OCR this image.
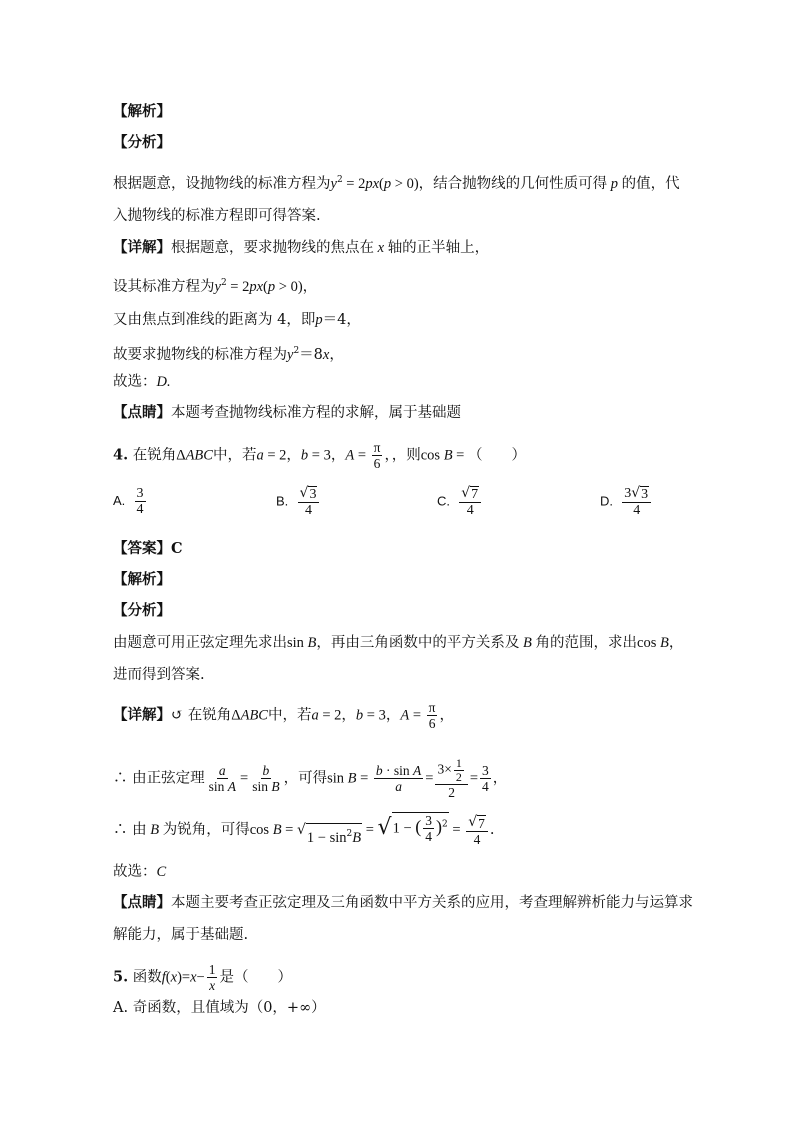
【解析】
【分析】
根据题意，设抛物线的标准方程为$y^2 = 2px(p > 0)$，结合抛物线的几何性质可得 p 的值，代
入抛物线的标准方程即可得答案.
【详解】根据题意，要求抛物线的焦点在 x 轴的正半轴上，
设其标准方程为$y^2 = 2px(p > 0)$，
又由焦点到准线的距离为 4，即p＝4，
故要求抛物线的标准方程为$y^2=8x$，
故选：D.
【点睛】本题考查抛物线标准方程的求解，属于基础题
4. 在锐角ΔABC中，若a = 2，b = 3，$A = \frac{\pi}{6}$ ，，则cos B = （　　）
A. $\frac{3}{4}$	B. $\frac{√ 3}{4}$	C. $\frac{√ 7}{4}$	D. $\frac{3 √ 3}{4}$
【答案】C
【解析】
【分析】
由题意可用正弦定理先求出sin B，再由三角函数中的平方关系及 B 角的范围，求出cos B，
进而得到答案.
【详解】↺ 在锐角ΔABC中，若a = 2，b = 3，$A = \frac{\pi}{6}$ ，
∴ 由正弦定理 $\frac{a}{\text{sin A}} = \frac{b}{\text{sin B}}$ ，可得$\sin B = \frac{\text{b · sin A}}{a} = \frac{3\times \frac{1}{2}}{2} = \frac{3}{4}$ ，
∴ 由 B 为锐角，可得cos B = √ $1 - \sin^2B$ = √ 1 − ( $\frac{3}{4} )^2 = \frac{√ 7}{4}$ .
故选：C
【点睛】本题主要考查正弦定理及三角函数中平方关系的应用，考查理解辨析能力与运算求
解能力，属于基础题.
5. 函数$f(x)=x- \frac{1}{x}$ 是（　　）
A. 奇函数，且值域为（0，+∞）
